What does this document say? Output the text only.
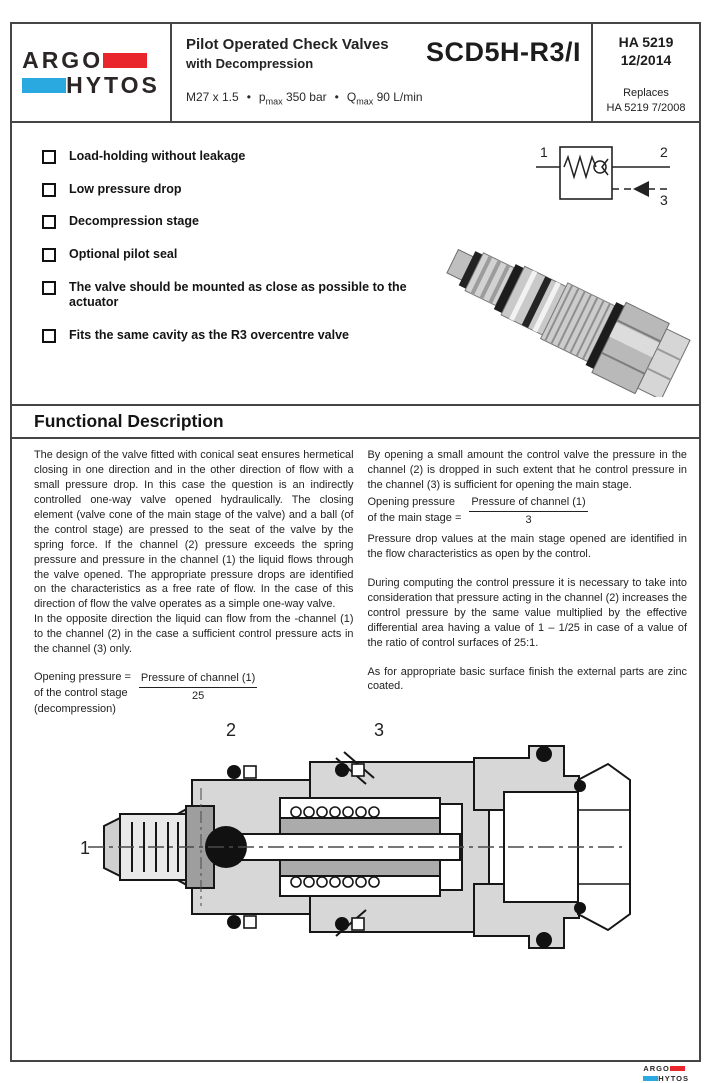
ARGO
HYTOS
Pilot Operated Check Valves
with Decompression
M27 x 1.5 • $p_{max}$ 350 bar • $Q_{max}$ 90 L/min
SCD5H-R3/I	HA 5219
12/2014
Replaces
HA 5219 7/2008
Load-holding without leakage
Low pressure drop
Decompression stage
Optional pilot seal
The valve should be mounted as close as possible to the actuator
Fits the same cavity as the R3 overcentre valve
1	2
3
Functional Description

The design of the valve fitted with conical seat ensures hermetical closing in one direction and in the other direction of flow with a small pressure drop. In this case the question is an indirectly controlled one-way valve opened hydraulically. The closing element (valve cone of the main stage of the valve) and a ball (of the control stage) are pressed to the seat of the valve by the spring force. If the channel (2) pressure exceeds the spring pressure and pressure in the channel (1) the liquid flows through the valve opened. The appropriate pressure drops are identified on the characteristics as a free rate of flow. In the case of this direction of flow the valve operates as a simple one-way valve.

In the opposite direction the liquid can flow from the -channel (1) to the channel (2) in the case a sufficient control pressure acts in the channel (3) only.

Opening pressure =
of the control stage
(decompression)
$\frac{\text{Pressure of channel (1)}}{25}$

By opening a small amount the control valve the pressure in the channel (2) is dropped in such extent that he control pressure in the channel (3) is sufficient for opening the main stage.

Opening pressure
of the main stage = $\frac{\text{Pressure of channel (1)}}{3}$

Pressure drop values at the main stage opened are identified in the flow characteristics as open by the control.

During computing the control pressure it is necessary to take into consideration that pressure acting in the channel (2) increases the control pressure by the same value multiplied by the effective differential area having a value of 1 – 1/25 in case of a value of the ratio of control surfaces of 25:1.

As for appropriate basic surface finish the external parts are zinc coated.

1
2	3
ARGO
HYTOS
